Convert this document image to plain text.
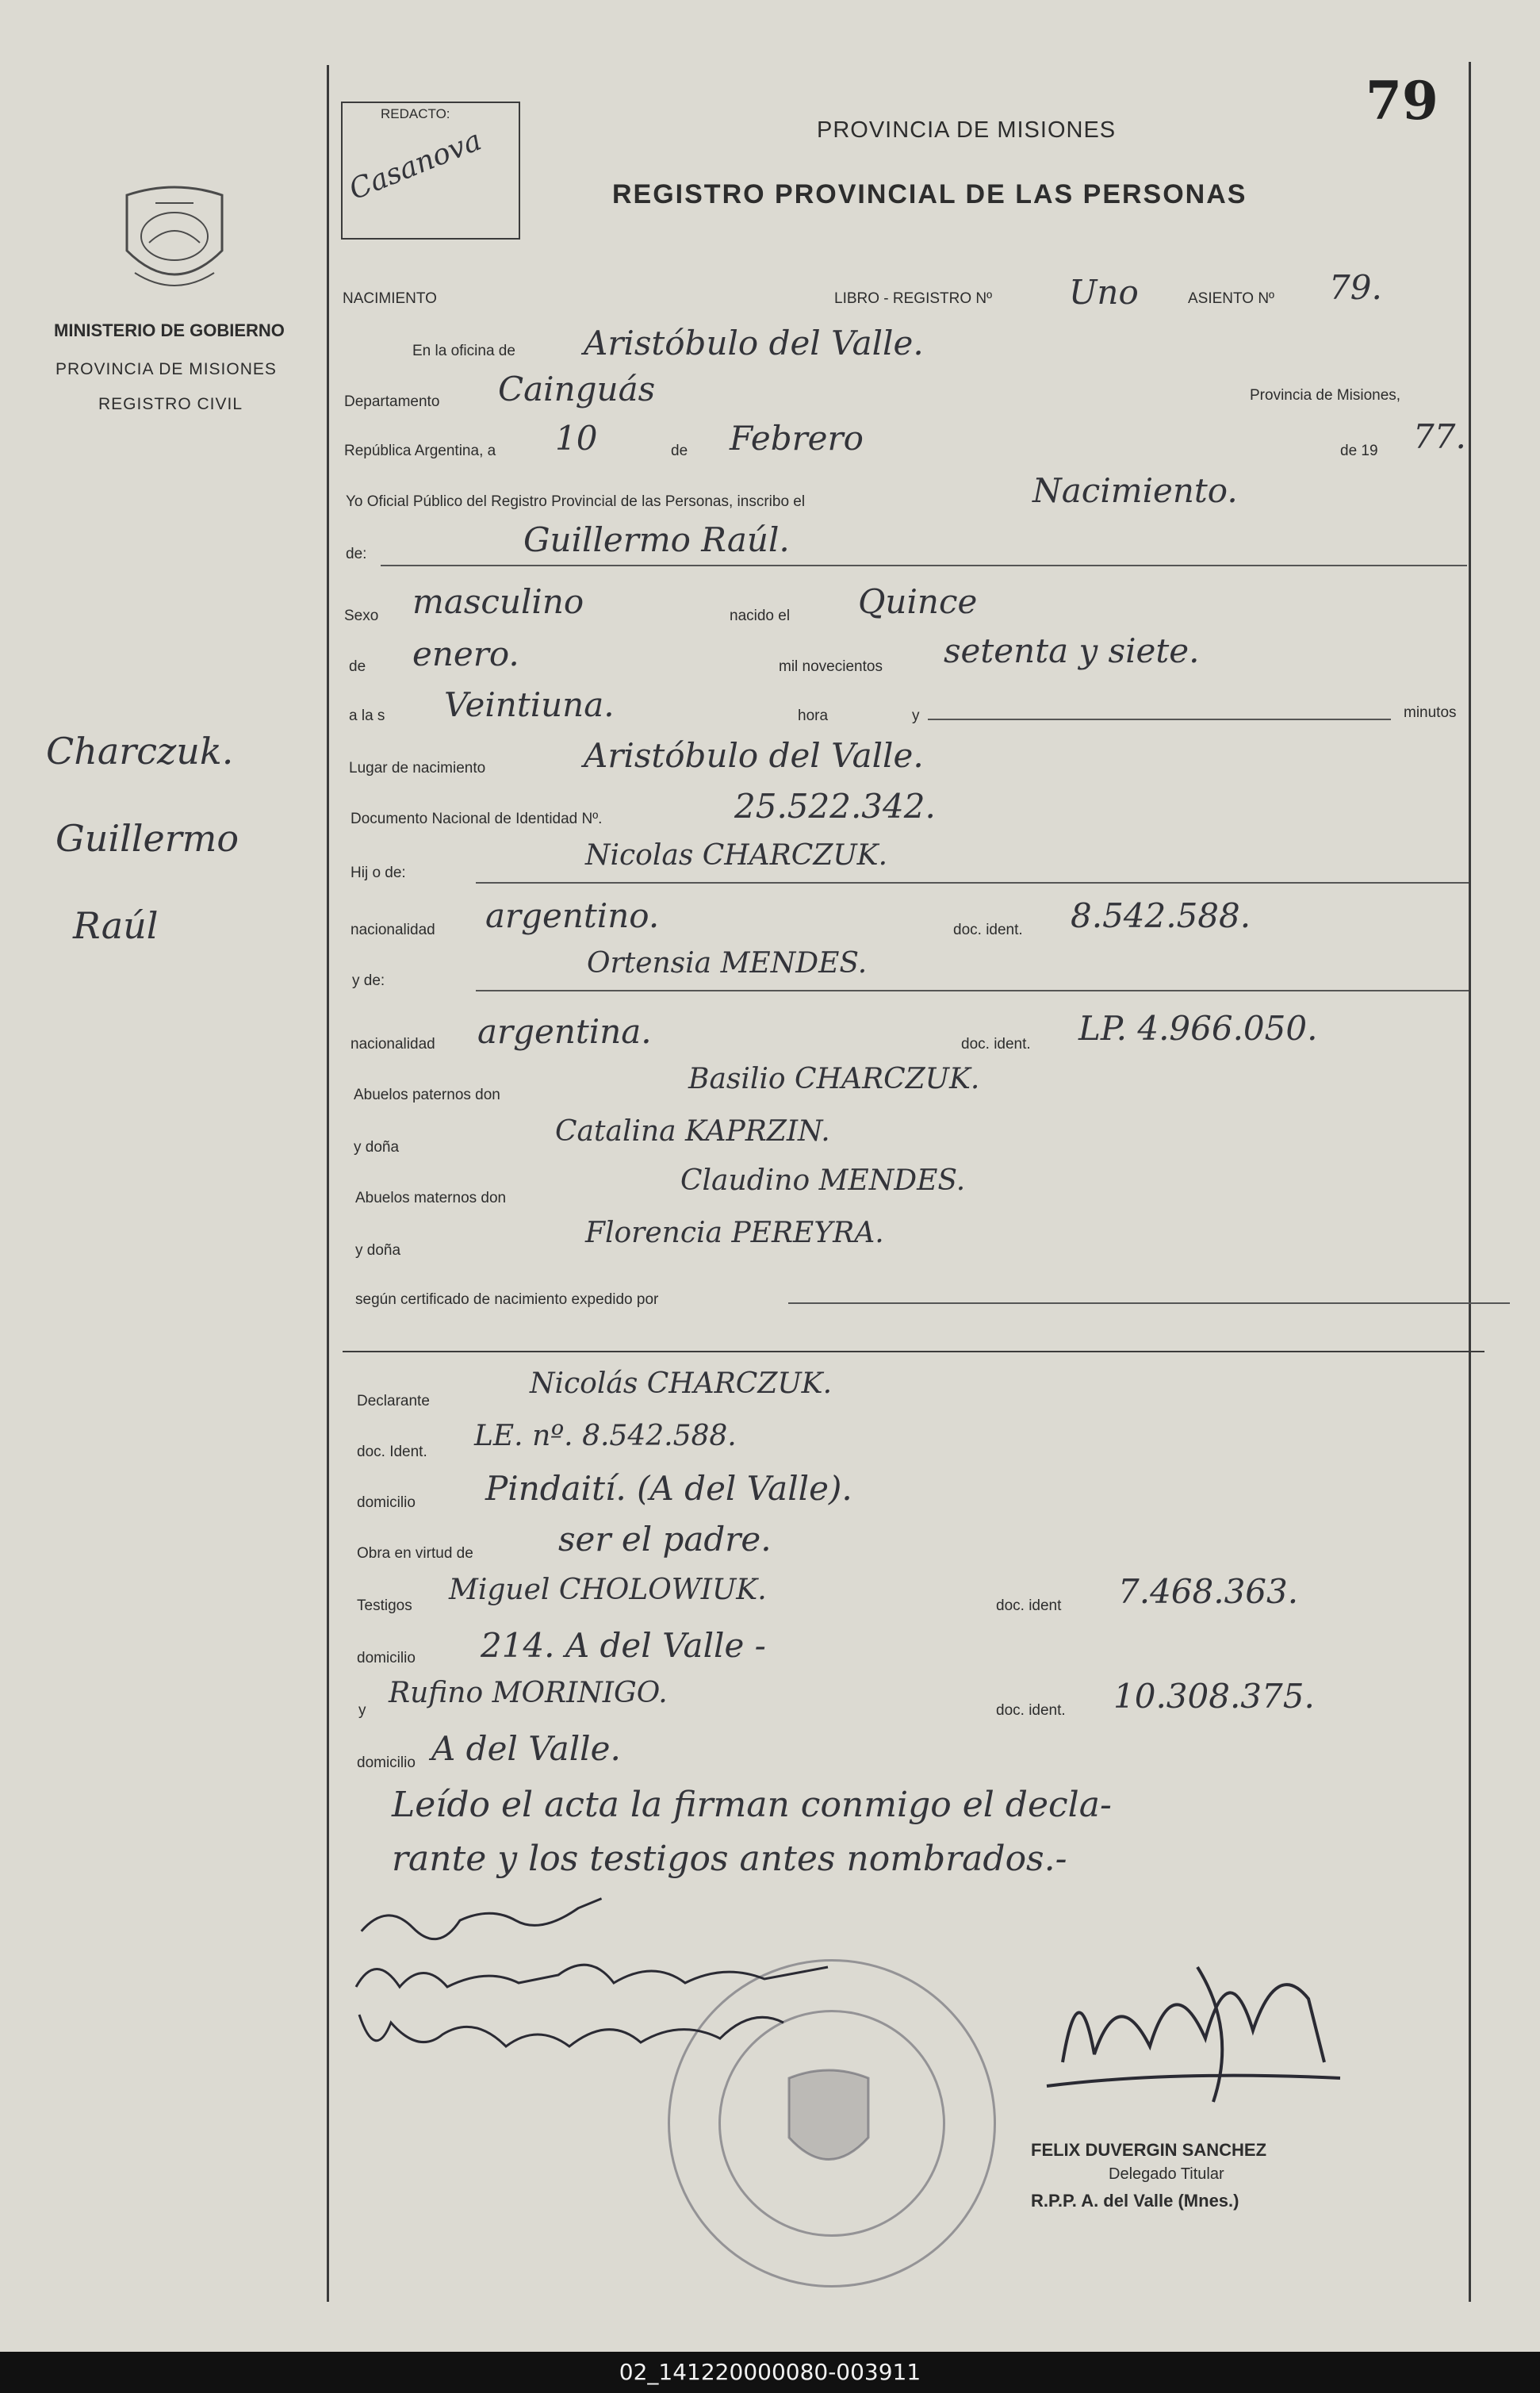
MINISTERIO DE GOBIERNO
PROVINCIA DE MISIONES
REGISTRO CIVIL
Charczuk.
Guillermo
Raúl
REDACTO:
Casanova
79
PROVINCIA DE MISIONES
REGISTRO PROVINCIAL DE LAS PERSONAS
NACIMIENTO	LIBRO - REGISTRO Nº Uno	ASIENTO Nº 79.
En la oficina de Aristóbulo del Valle.
Departamento Cainguás	Provincia de Misiones,
República Argentina, a 10	de Febrero	de 19 77.
Yo Oficial Público del Registro Provincial de las Personas, inscribo el	Nacimiento.
de:	Guillermo Raúl.
Sexo masculino	nacido el Quince
de enero.	mil novecientos setenta y siete.
a la s Veintiuna.	hora	y	minutos
Lugar de nacimiento	Aristóbulo del Valle.
Documento Nacional de Identidad Nº.	25.522.342.
Hij o de:
Nicolas CHARCZUK.
nacionalidad argentino.	doc. ident. 8.542.588.
y de:
Ortensia MENDES.
nacionalidad argentina.	doc. ident. LP. 4.966.050.
Abuelos paternos don	Basilio CHARCZUK.
y doña	Catalina KAPRZIN.
Abuelos maternos don
Claudino MENDES.
y doña
Florencia PEREYRA.
según certificado de nacimiento expedido por
Declarante
Nicolás CHARCZUK.
doc. Ident. LE. nº. 8.542.588.
domicilio Pindaití. (A del Valle).
Obra en virtud de	ser el padre.
Testigos Miguel CHOLOWIUK.	doc. ident 7.468.363.
domicilio 214. A del Valle -
y
Rufino MORINIGO.
doc. ident. 10.308.375.
domicilio A del Valle.
Leído el acta la firman conmigo el decla-
rante y los testigos antes nombrados.-
FELIX DUVERGIN SANCHEZ
Delegado Titular
R.P.P. A. del Valle (Mnes.)
02_141220000080-003911
